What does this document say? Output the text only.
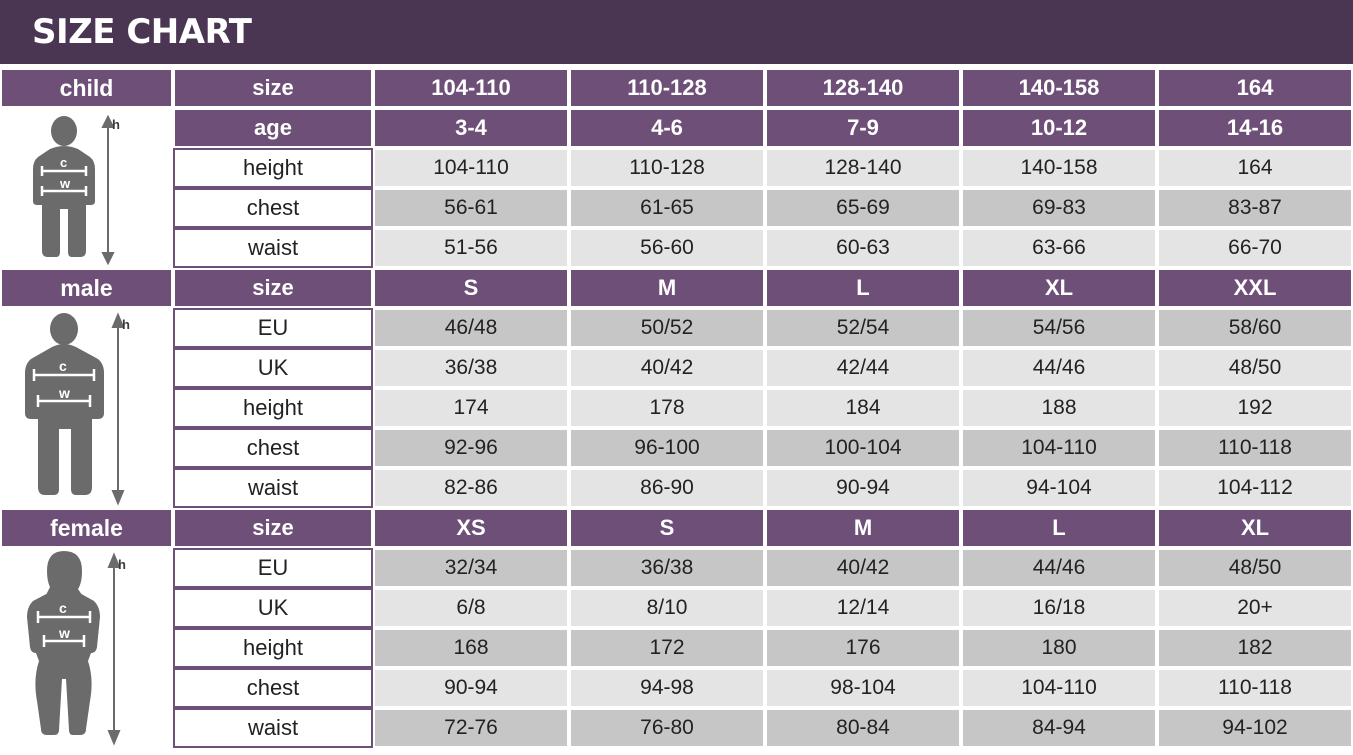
SIZE CHART
child
c
w
h
size	104-110	110-128	128-140	140-158	164
age	3-4	4-6	7-9	10-12	14-16
height	104-110	110-128	128-140	140-158	164
chest	56-61	61-65	65-69	69-83	83-87
waist	51-56	56-60	60-63	63-66	66-70
male
c
w
h
size	S	M	L	XL	XXL
EU	46/48	50/52	52/54	54/56	58/60
UK	36/38	40/42	42/44	44/46	48/50
height	174	178	184	188	192
chest	92-96	96-100	100-104	104-110	110-118
waist	82-86	86-90	90-94	94-104	104-112
female
c
w
h
size	XS	S	M	L	XL
EU	32/34	36/38	40/42	44/46	48/50
UK	6/8	8/10	12/14	16/18	20+
height	168	172	176	180	182
chest	90-94	94-98	98-104	104-110	110-118
waist	72-76	76-80	80-84	84-94	94-102
